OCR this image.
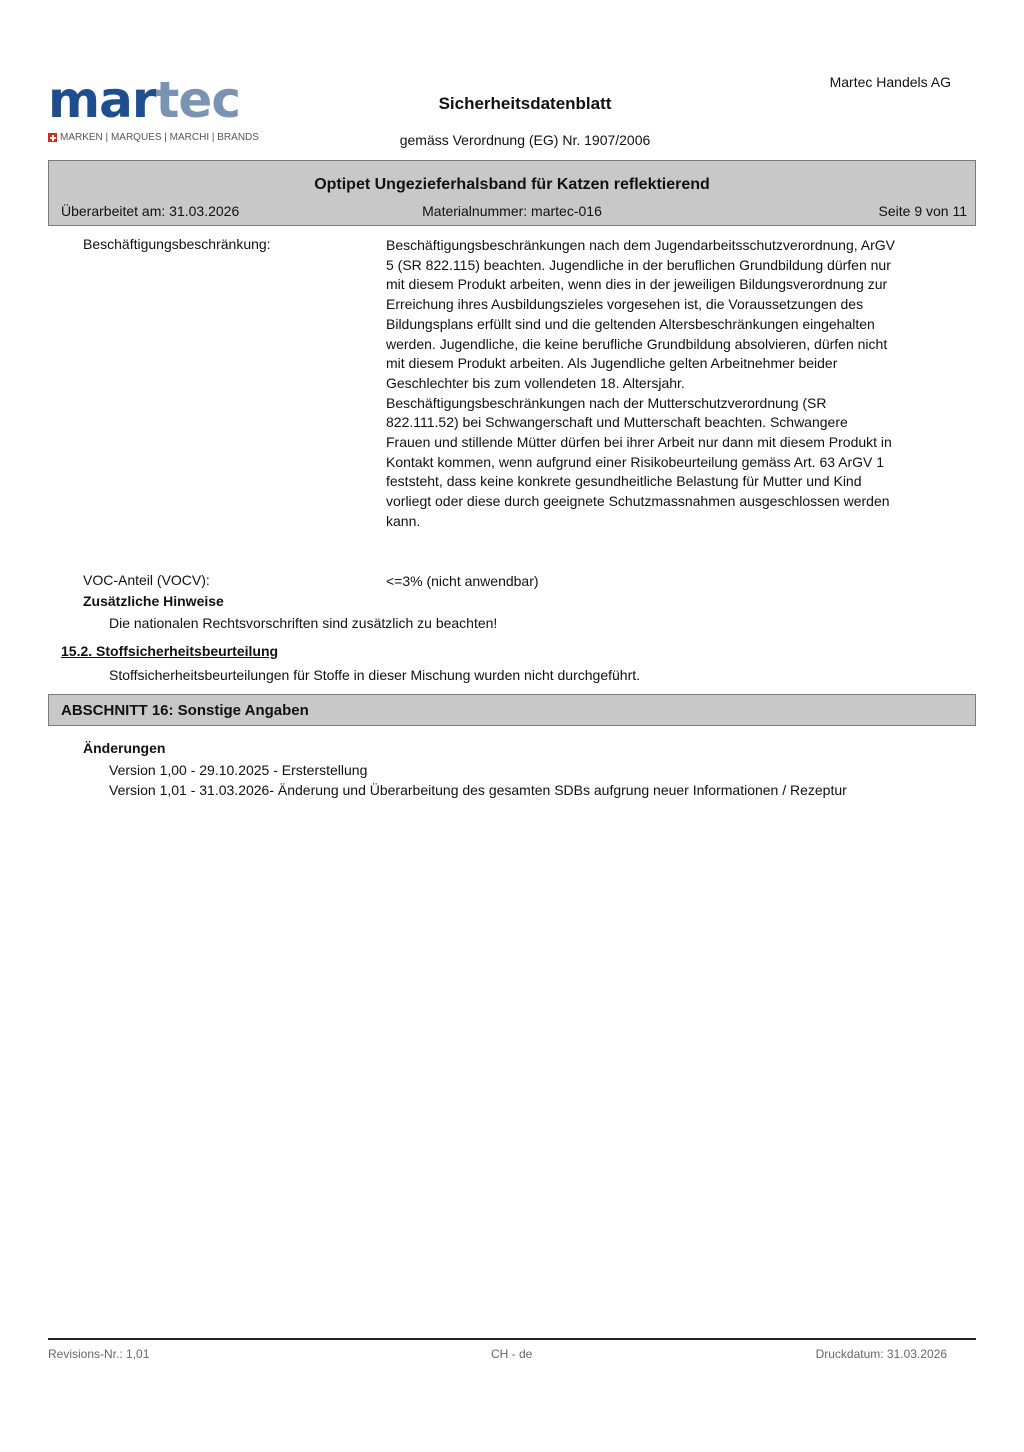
martec
MARKEN | MARQUES | MARCHI | BRANDS
Martec Handels AG
Sicherheitsdatenblatt
gemäss Verordnung (EG) Nr. 1907/2006
Optipet Ungezieferhalsband für Katzen reflektierend
Materialnummer: martec-016
Überarbeitet am: 31.03.2026	Seite 9 von 11
Beschäftigungsbeschränkung:	Beschäftigungsbeschränkungen nach dem Jugendarbeitsschutzverordnung, ArGV 5 (SR 822.115) beachten. Jugendliche in der beruflichen Grundbildung dürfen nur mit diesem Produkt arbeiten, wenn dies in der jeweiligen Bildungsverordnung zur Erreichung ihres Ausbildungszieles vorgesehen ist, die Voraussetzungen des Bildungsplans erfüllt sind und die geltenden Altersbeschränkungen eingehalten werden. Jugendliche, die keine berufliche Grundbildung absolvieren, dürfen nicht mit diesem Produkt arbeiten. Als Jugendliche gelten Arbeitnehmer beider Geschlechter bis zum vollendeten 18. Altersjahr.

Beschäftigungsbeschränkungen nach der Mutterschutzverordnung (SR 822.111.52) bei Schwangerschaft und Mutterschaft beachten. Schwangere Frauen und stillende Mütter dürfen bei ihrer Arbeit nur dann mit diesem Produkt in Kontakt kommen, wenn aufgrund einer Risikobeurteilung gemäss Art. 63 ArGV 1 feststeht, dass keine konkrete gesundheitliche Belastung für Mutter und Kind vorliegt oder diese durch geeignete Schutzmassnahmen ausgeschlossen werden kann.

VOC-Anteil (VOCV):	<=3% (nicht anwendbar)
Zusätzliche Hinweise
Die nationalen Rechtsvorschriften sind zusätzlich zu beachten!
15.2. Stoffsicherheitsbeurteilung
Stoffsicherheitsbeurteilungen für Stoffe in dieser Mischung wurden nicht durchgeführt.
ABSCHNITT 16: Sonstige Angaben
Änderungen
Version 1,00 - 29.10.2025 - Ersterstellung
Version 1,01 - 31.03.2026- Änderung und Überarbeitung des gesamten SDBs aufgrung neuer Informationen / Rezeptur
Revisions-Nr.: 1,01	CH - de	Druckdatum: 31.03.2026
